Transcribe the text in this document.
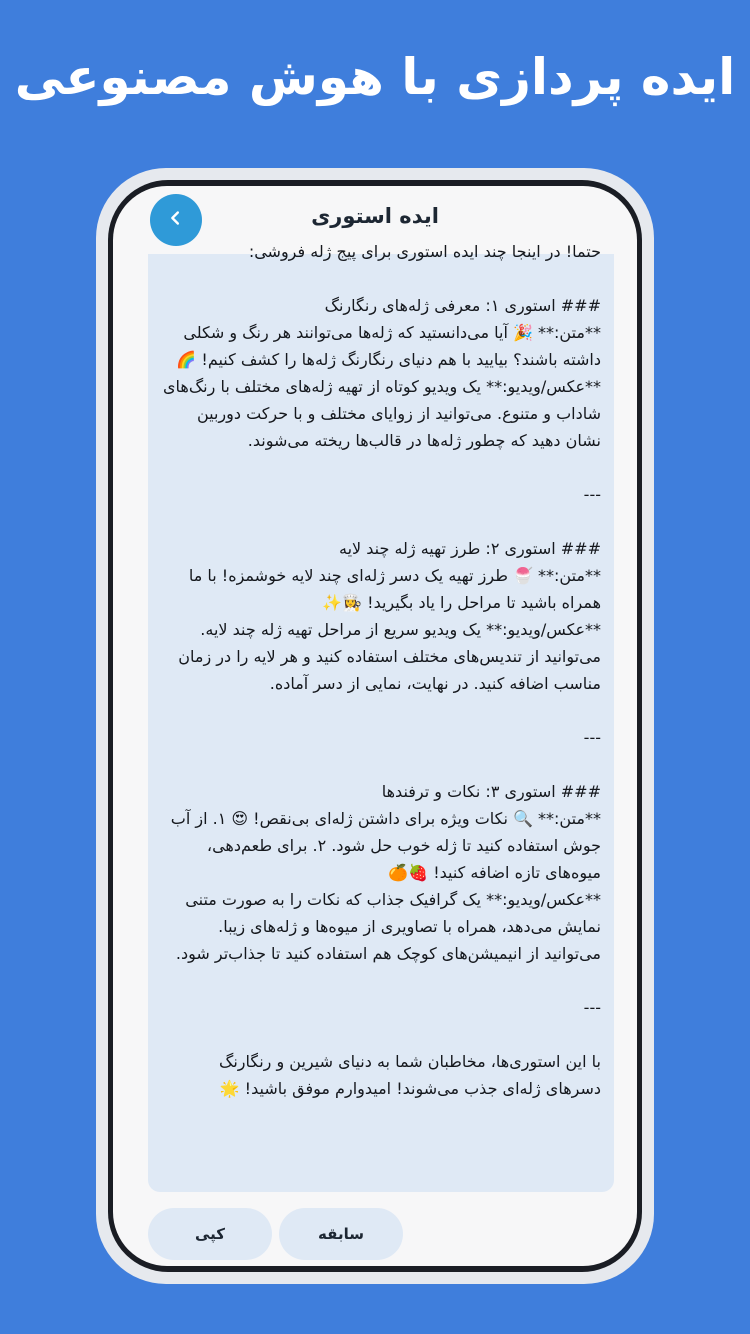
ایده پردازی با هوش مصنوعی
ایده استوری

حتما! در اینجا چند ایده استوری برای پیج ژله فروشی:

### استوری ۱: معرفی ژله‌های رنگارنگ
**متن:** 🎉 آیا می‌دانستید که ژله‌ها می‌توانند هر رنگ و شکلی داشته باشند؟ بیایید با هم دنیای رنگارنگ ژله‌ها را کشف کنیم! 🌈
**عکس/ویدیو:** یک ویدیو کوتاه از تهیه ژله‌های مختلف با رنگ‌های شاداب و متنوع. می‌توانید از زوایای مختلف و با حرکت دوربین نشان دهید که چطور ژله‌ها در قالب‌ها ریخته می‌شوند.

---

### استوری ۲: طرز تهیه ژله چند لایه
**متن:** 🍧 طرز تهیه یک دسر ژله‌ای چند لایه خوشمزه! با ما همراه باشید تا مراحل را یاد بگیرید! 👩‍🍳✨
**عکس/ویدیو:** یک ویدیو سریع از مراحل تهیه ژله چند لایه. می‌توانید از تندیس‌های مختلف استفاده کنید و هر لایه را در زمان مناسب اضافه کنید. در نهایت، نمایی از دسر آماده.

---

### استوری ۳: نکات و ترفندها
**متن:** 🔍 نکات ویژه برای داشتن ژله‌ای بی‌نقص! 😍 ۱. از آب جوش استفاده کنید تا ژله خوب حل شود. ۲. برای طعم‌دهی، میوه‌های تازه اضافه کنید! 🍓🍊
**عکس/ویدیو:** یک گرافیک جذاب که نکات را به صورت متنی نمایش می‌دهد، همراه با تصاویری از میوه‌ها و ژله‌های زیبا. می‌توانید از انیمیشن‌های کوچک هم استفاده کنید تا جذاب‌تر شود.

---

با این استوری‌ها، مخاطبان شما به دنیای شیرین و رنگارنگ دسرهای ژله‌ای جذب می‌شوند! امیدوارم موفق باشید! 🌟

کپی	سابقه
